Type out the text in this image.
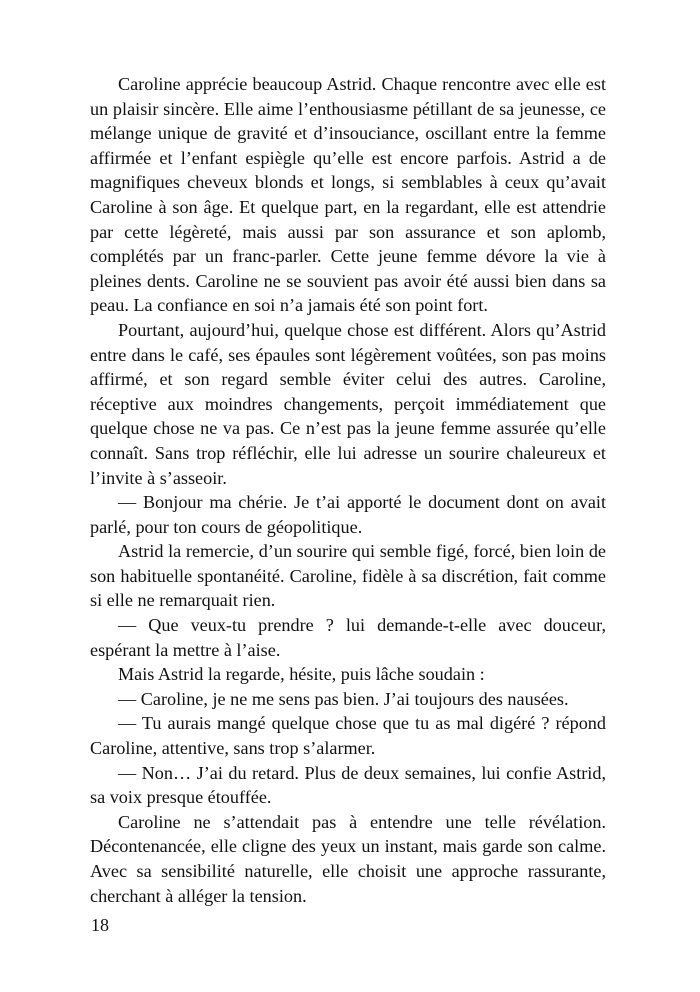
Caroline apprécie beaucoup Astrid. Chaque rencontre avec elle est un plaisir sincère. Elle aime l’enthousiasme pétillant de sa jeunesse, ce mélange unique de gravité et d’insouciance, oscillant entre la femme affirmée et l’enfant espiègle qu’elle est encore parfois. Astrid a de magnifiques cheveux blonds et longs, si semblables à ceux qu’avait Caroline à son âge. Et quelque part, en la regardant, elle est attendrie par cette légèreté, mais aussi par son assurance et son aplomb, complétés par un franc-parler. Cette jeune femme dévore la vie à pleines dents. Caroline ne se souvient pas avoir été aussi bien dans sa peau. La confiance en soi n’a jamais été son point fort.

Pourtant, aujourd’hui, quelque chose est différent. Alors qu’Astrid entre dans le café, ses épaules sont légèrement voûtées, son pas moins affirmé, et son regard semble éviter celui des autres. Caroline, réceptive aux moindres changements, perçoit immédiatement que quelque chose ne va pas. Ce n’est pas la jeune femme assurée qu’elle connaît. Sans trop réfléchir, elle lui adresse un sourire chaleureux et l’invite à s’asseoir.

— Bonjour ma chérie. Je t’ai apporté le document dont on avait parlé, pour ton cours de géopolitique.

Astrid la remercie, d’un sourire qui semble figé, forcé, bien loin de son habituelle spontanéité. Caroline, fidèle à sa discrétion, fait comme si elle ne remarquait rien.

— Que veux-tu prendre ? lui demande-t-elle avec douceur, espérant la mettre à l’aise.

Mais Astrid la regarde, hésite, puis lâche soudain :

— Caroline, je ne me sens pas bien. J’ai toujours des nausées.

— Tu aurais mangé quelque chose que tu as mal digéré ? répond Caroline, attentive, sans trop s’alarmer.

— Non… J’ai du retard. Plus de deux semaines, lui confie Astrid, sa voix presque étouffée.

Caroline ne s’attendait pas à entendre une telle révélation. Décontenancée, elle cligne des yeux un instant, mais garde son calme. Avec sa sensibilité naturelle, elle choisit une approche rassurante, cherchant à alléger la tension.

18
